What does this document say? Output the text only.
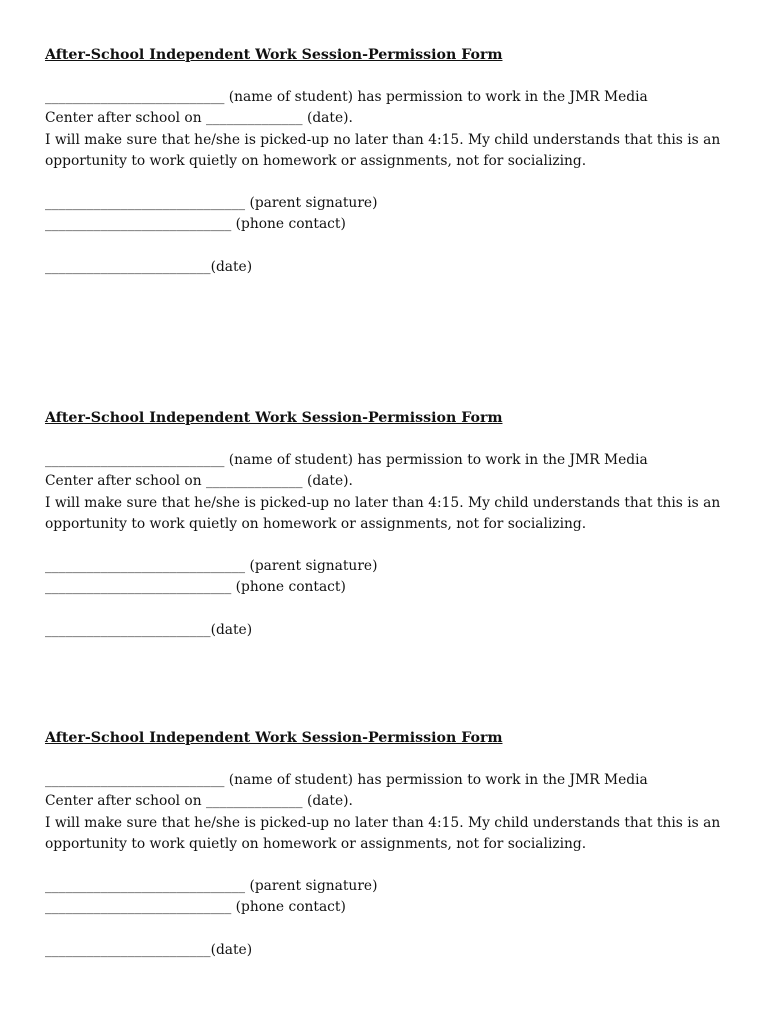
After-School Independent Work Session-Permission Form

__________________________ (name of student) has permission to work in the JMR Media

Center after school on ______________ (date).

I will make sure that he/she is picked-up no later than 4:15. My child understands that this is an

opportunity to work quietly on homework or assignments, not for socializing.

_____________________________ (parent signature)

___________________________ (phone contact)

________________________(date)

After-School Independent Work Session-Permission Form

__________________________ (name of student) has permission to work in the JMR Media

Center after school on ______________ (date).

I will make sure that he/she is picked-up no later than 4:15. My child understands that this is an

opportunity to work quietly on homework or assignments, not for socializing.

_____________________________ (parent signature)

___________________________ (phone contact)

________________________(date)

After-School Independent Work Session-Permission Form

__________________________ (name of student) has permission to work in the JMR Media

Center after school on ______________ (date).

I will make sure that he/she is picked-up no later than 4:15. My child understands that this is an

opportunity to work quietly on homework or assignments, not for socializing.

_____________________________ (parent signature)

___________________________ (phone contact)

________________________(date)
